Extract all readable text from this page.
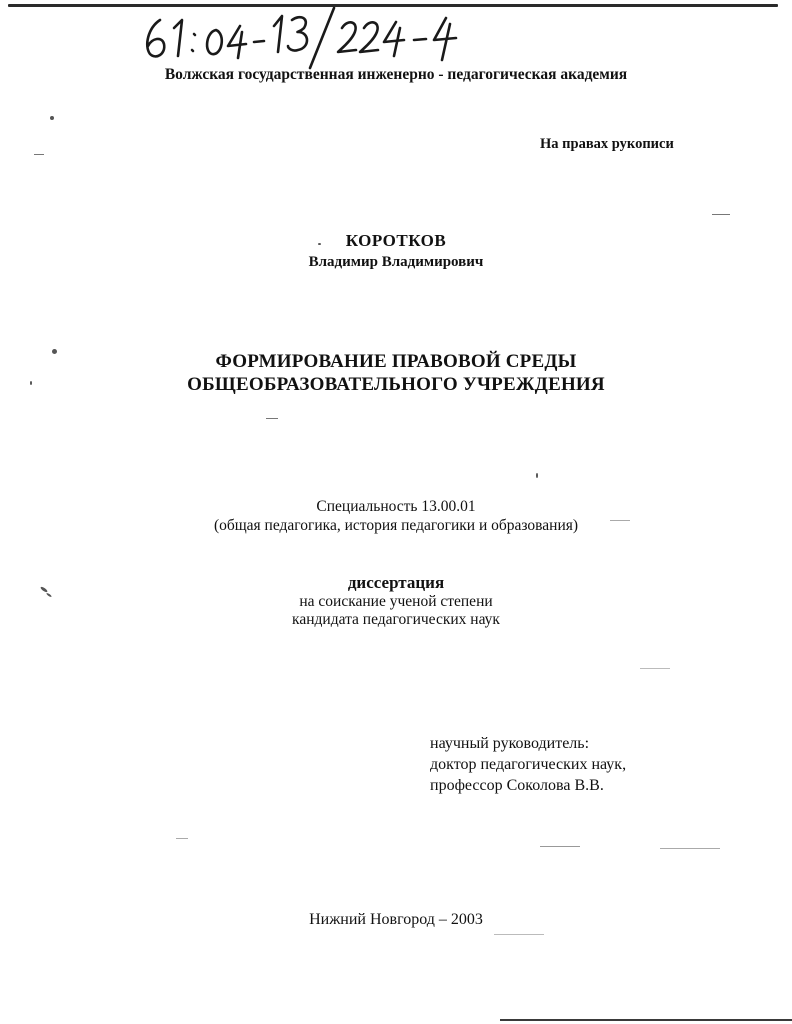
Волжская государственная инженерно - педагогическая академия
На правах рукописи
КОРОТКОВ
Владимир Владимирович
ФОРМИРОВАНИЕ ПРАВОВОЙ СРЕДЫ
ОБЩЕОБРАЗОВАТЕЛЬНОГО УЧРЕЖДЕНИЯ
Специальность 13.00.01
(общая педагогика, история педагогики и образования)
диссертация
на соискание ученой степени
кандидата педагогических наук
научный руководитель:
доктор педагогических наук,
профессор Соколова В.В.
Нижний Новгород – 2003
